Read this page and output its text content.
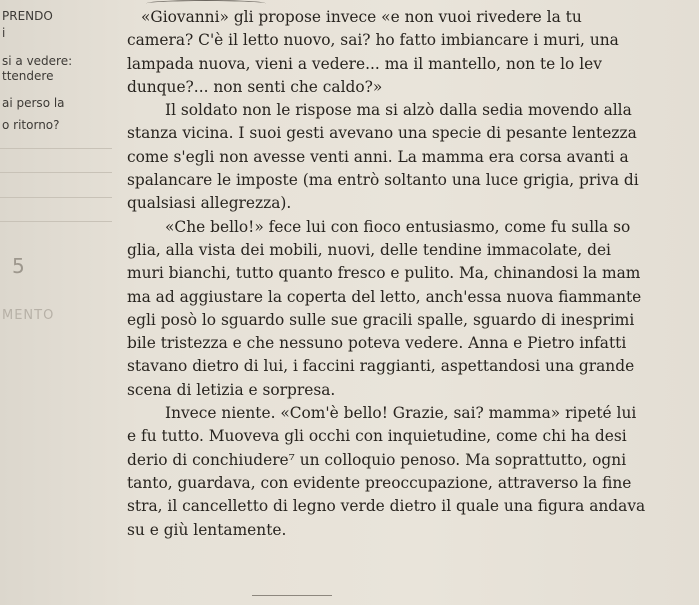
PRENDO
i
si a vedere:
ttendere
ai perso la
o ritorno?
5
MENTO
«Giovanni» gli propose invece «e non vuoi rivedere la tu
camera? C'è il letto nuovo, sai? ho fatto imbiancare i muri, una
lampada nuova, vieni a vedere... ma il mantello, non te lo lev
dunque?... non senti che caldo?»
Il soldato non le rispose ma si alzò dalla sedia movendo alla
stanza vicina. I suoi gesti avevano una specie di pesante lentezza
come s'egli non avesse venti anni. La mamma era corsa avanti a
spalancare le imposte (ma entrò soltanto una luce grigia, priva di
qualsiasi allegrezza).
«Che bello!» fece lui con fioco entusiasmo, come fu sulla so
glia, alla vista dei mobili, nuovi, delle tendine immacolate, dei
muri bianchi, tutto quanto fresco e pulito. Ma, chinandosi la mam
ma ad aggiustare la coperta del letto, anch'essa nuova fiammante
egli posò lo sguardo sulle sue gracili spalle, sguardo di inesprimi
bile tristezza e che nessuno poteva vedere. Anna e Pietro infatti
stavano dietro di lui, i faccini raggianti, aspettandosi una grande
scena di letizia e sorpresa.
Invece niente. «Com'è bello! Grazie, sai? mamma» ripeté lui
e fu tutto. Muoveva gli occhi con inquietudine, come chi ha desi
derio di conchiudere⁷ un colloquio penoso. Ma soprattutto, ogni
tanto, guardava, con evidente preoccupazione, attraverso la fine
stra, il cancelletto di legno verde dietro il quale una figura andava
su e giù lentamente.
